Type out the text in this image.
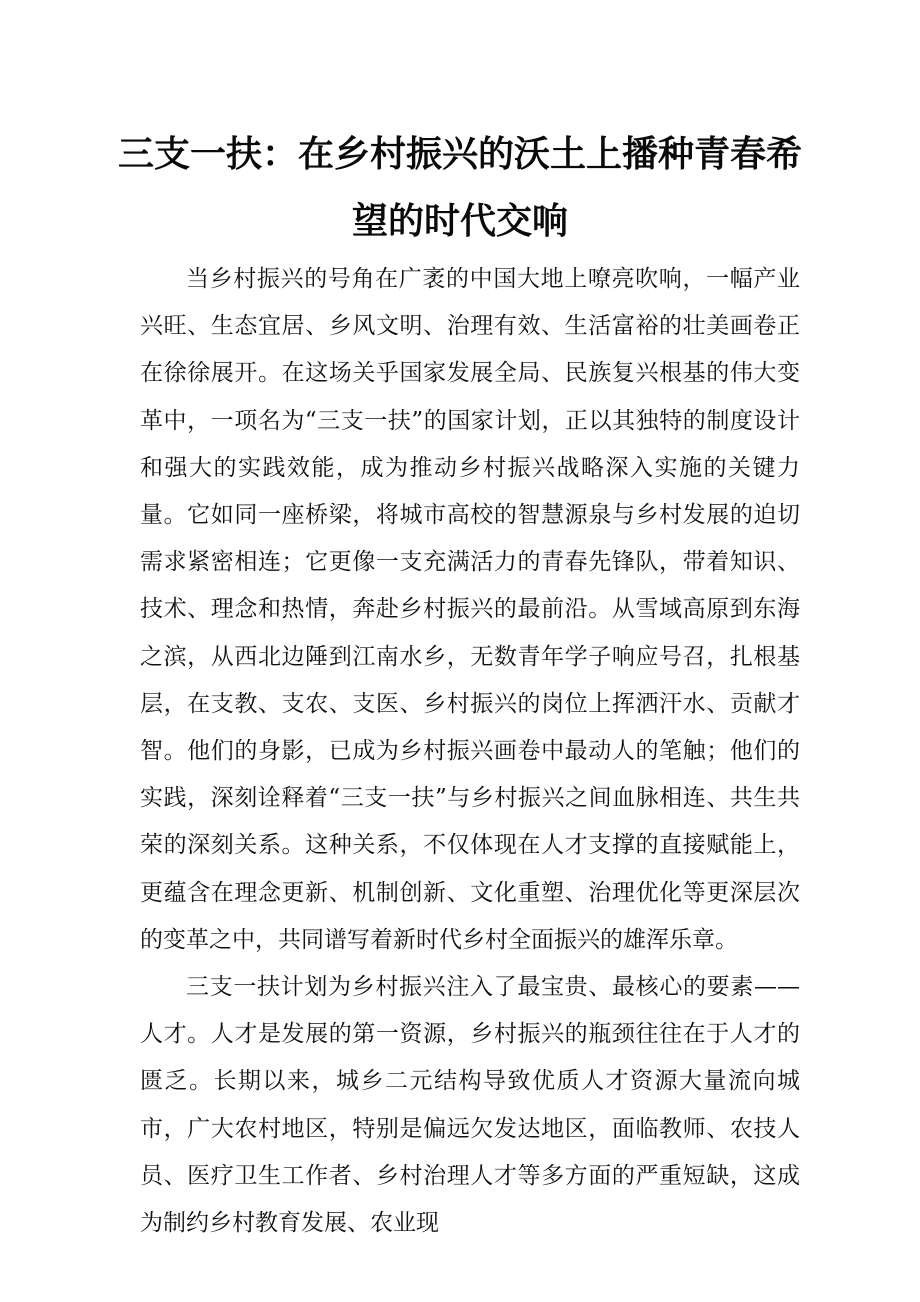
三支一扶：在乡村振兴的沃土上播种青春希
望的时代交响

当乡村振兴的号角在广袤的中国大地上嘹亮吹响，一幅产业兴旺、生态宜居、乡风文明、治理有效、生活富裕的壮美画卷正在徐徐展开。在这场关乎国家发展全局、民族复兴根基的伟大变革中，一项名为“三支一扶”的国家计划，正以其独特的制度设计和强大的实践效能，成为推动乡村振兴战略深入实施的关键力量。它如同一座桥梁，将城市高校的智慧源泉与乡村发展的迫切需求紧密相连；它更像一支充满活力的青春先锋队，带着知识、技术、理念和热情，奔赴乡村振兴的最前沿。从雪域高原到东海之滨，从西北边陲到江南水乡，无数青年学子响应号召，扎根基层，在支教、支农、支医、乡村振兴的岗位上挥洒汗水、贡献才智。他们的身影，已成为乡村振兴画卷中最动人的笔触；他们的实践，深刻诠释着“三支一扶”与乡村振兴之间血脉相连、共生共荣的深刻关系。这种关系，不仅体现在人才支撑的直接赋能上，更蕴含在理念更新、机制创新、文化重塑、治理优化等更深层次的变革之中，共同谱写着新时代乡村全面振兴的雄浑乐章。

三支一扶计划为乡村振兴注入了最宝贵、最核心的要素——人才。人才是发展的第一资源，乡村振兴的瓶颈往往在于人才的匮乏。长期以来，城乡二元结构导致优质人才资源大量流向城市，广大农村地区，特别是偏远欠发达地区，面临教师、农技人员、医疗卫生工作者、乡村治理人才等多方面的严重短缺，这成为制约乡村教育发展、农业现
